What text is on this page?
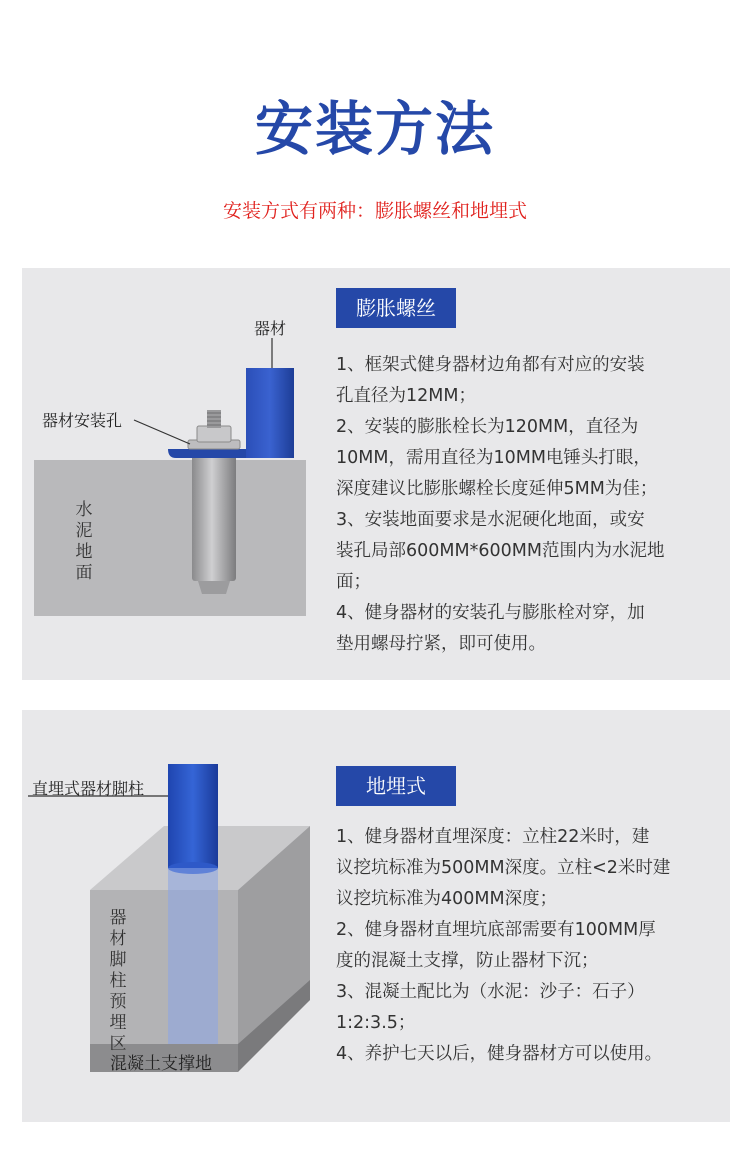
安装方法
安装方式有两种：膨胀螺丝和地埋式
器材
器材安装孔
水泥地面
膨胀螺丝
1、框架式健身器材边角都有对应的安装
孔直径为12MM；
2、安装的膨胀栓长为120MM，直径为
10MM，需用直径为10MM电锤头打眼，
深度建议比膨胀螺栓长度延伸5MM为佳；
3、安装地面要求是水泥硬化地面，或安
装孔局部600MM*600MM范围内为水泥地
面；
4、健身器材的安装孔与膨胀栓对穿，加
垫用螺母拧紧，即可使用。
直埋式器材脚柱
器材脚柱预埋区
混凝土支撑地
地埋式
1、健身器材直埋深度：立柱22米时，建
议挖坑标准为500MM深度。立柱<2米时建
议挖坑标准为400MM深度；
2、健身器材直埋坑底部需要有100MM厚
度的混凝土支撑，防止器材下沉；
3、混凝土配比为（水泥：沙子：石子）
1:2:3.5；
4、养护七天以后，健身器材方可以使用。
